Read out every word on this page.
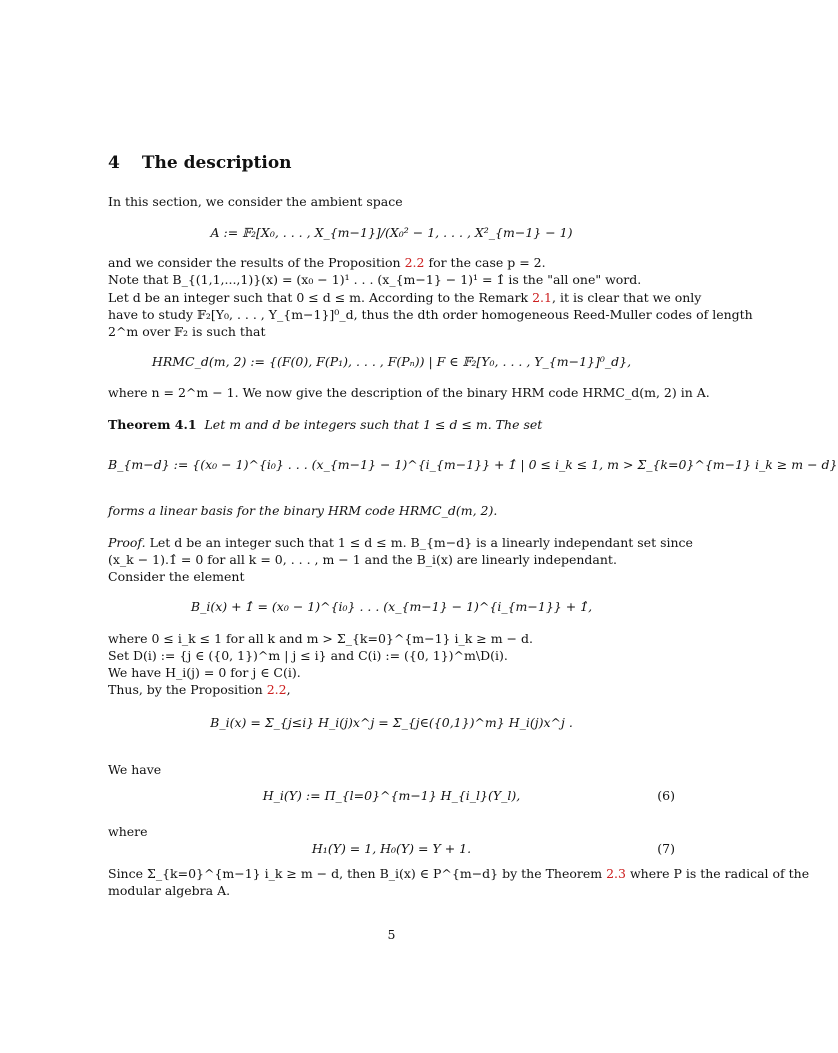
4 The description
In this section, we consider the ambient space
A := 𝔽₂[X₀, . . . , X_{m−1}]/(X₀² − 1, . . . , X²_{m−1} − 1)
and we consider the results of the Proposition 2.2 for the case p = 2.
Note that B_{(1,1,...,1)}(x) = (x₀ − 1)¹ . . . (x_{m−1} − 1)¹ = 1̂ is the "all one" word.
Let d be an integer such that 0 ≤ d ≤ m. According to the Remark 2.1, it is clear that we only
have to study 𝔽₂[Y₀, . . . , Y_{m−1}]⁰_d, thus the dth order homogeneous Reed-Muller codes of length
2^m over 𝔽₂ is such that
HRMC_d(m, 2) := {(F(0), F(P₁), . . . , F(Pₙ)) | F ∈ 𝔽₂[Y₀, . . . , Y_{m−1}]⁰_d},
where n = 2^m − 1. We now give the description of the binary HRM code HRMC_d(m, 2) in A.
Theorem 4.1 Let m and d be integers such that 1 ≤ d ≤ m. The set
B_{m−d} := {(x₀ − 1)^{i₀} . . . (x_{m−1} − 1)^{i_{m−1}} + 1̂ | 0 ≤ i_k ≤ 1, m > Σ_{k=0}^{m−1} i_k ≥ m − d}
forms a linear basis for the binary HRM code HRMC_d(m, 2).
Proof. Let d be an integer such that 1 ≤ d ≤ m. B_{m−d} is a linearly independant set since
(x_k − 1).1̂ = 0 for all k = 0, . . . , m − 1 and the B_i(x) are linearly independant.
Consider the element
B_i(x) + 1̂ = (x₀ − 1)^{i₀} . . . (x_{m−1} − 1)^{i_{m−1}} + 1̂,
where 0 ≤ i_k ≤ 1 for all k and m > Σ_{k=0}^{m−1} i_k ≥ m − d.
Set D(i) := {j ∈ ({0, 1})^m | j ≤ i} and C(i) := ({0, 1})^m\D(i).
We have H_i(j) = 0 for j ∈ C(i).
Thus, by the Proposition 2.2,
B_i(x) = Σ_{j≤i} H_i(j)x^j = Σ_{j∈({0,1})^m} H_i(j)x^j .
We have
H_i(Y) := Π_{l=0}^{m−1} H_{i_l}(Y_l),	(6)
where
H₁(Y) = 1, H₀(Y) = Y + 1.	(7)
Since Σ_{k=0}^{m−1} i_k ≥ m − d, then B_i(x) ∈ P^{m−d} by the Theorem 2.3 where P is the radical of the
modular algebra A.
5
